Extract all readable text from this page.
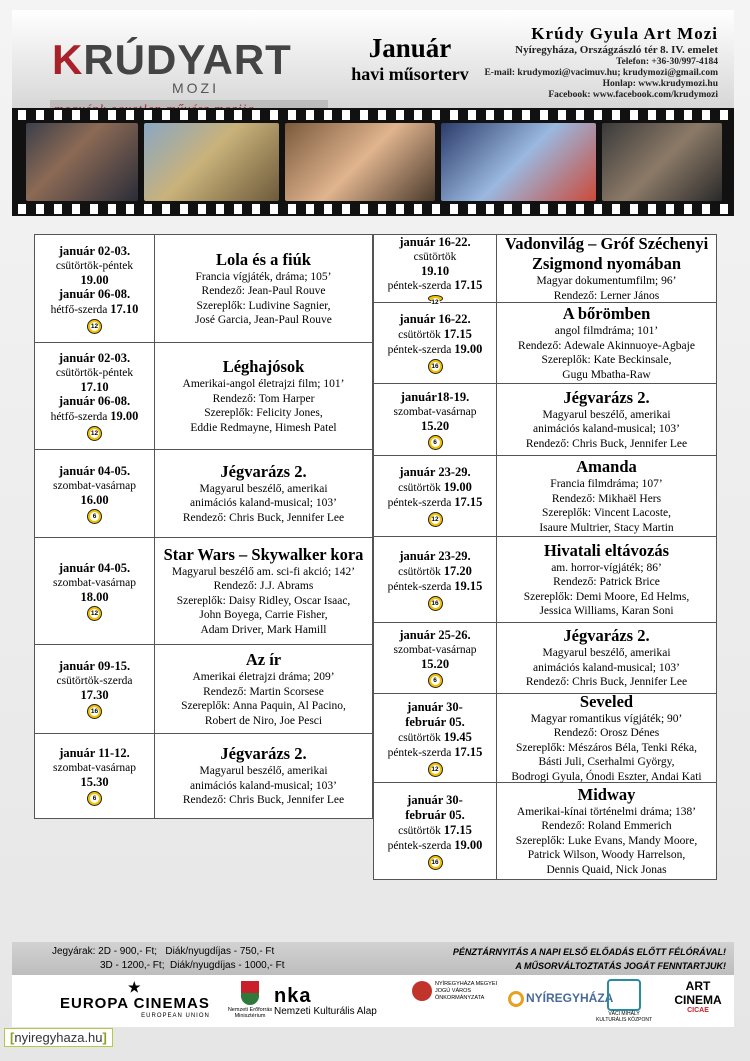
KRÚDYART
MOZI
Január
havi műsorterv
Krúdy Gyula Art Mozi
Nyíregyháza, Országzászló tér 8. IV. emelet
Telefon: +36-30/997-4184
E-mail: krudymozi@vacimuv.hu; krudymozi@gmail.com
Honlap: www.krudymozi.hu
Facebook: www.facebook.com/krudymozi
január 02-03.
csütörtök-péntek
19.00
január 06-08.
hétfő-szerda 17.10
12
Lola és a fiúk
Francia vígjáték, dráma; 105’
Rendező: Jean-Paul Rouve
Szereplők: Ludivine Sagnier,
José Garcia, Jean-Paul Rouve
január 02-03.
csütörtök-péntek
17.10
január 06-08.
hétfő-szerda 19.00
12
Léghajósok
Amerikai-angol életrajzi film; 101’
Rendező: Tom Harper
Szereplők: Felicity Jones,
Eddie Redmayne, Himesh Patel
január 04-05.
szombat-vasárnap
16.00
6
Jégvarázs 2.
Magyarul beszélő, amerikai
animációs kaland-musical; 103’
Rendező: Chris Buck, Jennifer Lee
január 04-05.
szombat-vasárnap
18.00
12
Star Wars – Skywalker kora
Magyarul beszélő am. sci-fi akció; 142’
Rendező: J.J. Abrams
Szereplők: Daisy Ridley, Oscar Isaac,
John Boyega, Carrie Fisher,
Adam Driver, Mark Hamill
január 09-15.
csütörtök-szerda
17.30
16
Az ír
Amerikai életrajzi dráma; 209’
Rendező: Martin Scorsese
Szereplők: Anna Paquin, Al Pacino,
Robert de Niro, Joe Pesci
január 11-12.
szombat-vasárnap
15.30
6
Jégvarázs 2.
Magyarul beszélő, amerikai
animációs kaland-musical; 103’
Rendező: Chris Buck, Jennifer Lee
január 16-22.
csütörtök
19.10
péntek-szerda 17.15
12
Vadonvilág – Gróf Széchenyi Zsigmond nyomában
Magyar dokumentumfilm; 96’
Rendező: Lerner János
január 16-22.
csütörtök 17.15
péntek-szerda 19.00
16
A bőrömben
angol filmdráma; 101’
Rendező: Adewale Akinnuoye-Agbaje
Szereplők: Kate Beckinsale,
Gugu Mbatha-Raw
január18-19.
szombat-vasárnap
15.20
6
Jégvarázs 2.
Magyarul beszélő, amerikai
animációs kaland-musical; 103’
Rendező: Chris Buck, Jennifer Lee
január 23-29.
csütörtök 19.00
péntek-szerda 17.15
12
Amanda
Francia filmdráma; 107’
Rendező: Mikhaël Hers
Szereplők: Vincent Lacoste,
Isaure Multrier, Stacy Martin
január 23-29.
csütörtök 17.20
péntek-szerda 19.15
16
Hivatali eltávozás
am. horror-vígjáték; 86’
Rendező: Patrick Brice
Szereplők: Demi Moore, Ed Helms,
Jessica Williams, Karan Soni
január 25-26.
szombat-vasárnap
15.20
6
Jégvarázs 2.
Magyarul beszélő, amerikai
animációs kaland-musical; 103’
Rendező: Chris Buck, Jennifer Lee
január 30-
február 05.
csütörtök 19.45
péntek-szerda 17.15
12
Seveled
Magyar romantikus vígjáték; 90’
Rendező: Orosz Dénes
Szereplők: Mészáros Béla, Tenki Réka,
Básti Juli, Cserhalmi György,
Bodrogi Gyula, Ónodi Eszter, Andai Kati
január 30-
február 05.
csütörtök 17.15
péntek-szerda 19.00
16
Midway
Amerikai-kínai történelmi dráma; 138’
Rendező: Roland Emmerich
Szereplők: Luke Evans, Mandy Moore,
Patrick Wilson, Woody Harrelson,
Dennis Quaid, Nick Jonas
Jegyárak: 2D - 900,- Ft;   Diák/nyugdíjas - 750,- Ft
3D - 1200,- Ft;  Diák/nyugdíjas - 1000,- Ft
PÉNZTÁRNYITÁS A NAPI ELSŐ ELŐADÁS ELŐTT FÉLÓRÁVAL!
A MŰSORVÁLTOZTATÁS JOGÁT FENNTARTJUK!
★
EUROPA CINEMAS
EUROPEAN UNION
Nemzeti Erőforrás Minisztérium
nka
Nemzeti Kulturális Alap
NYÍREGYHÁZA MEGYEI JOGÚ VÁROS ÖNKORMÁNYZATA	NYÍREGYHÁZA
VÁCI MIHÁLY KULTURÁLIS KÖZPONT
ART CINEMA
CICAE
[nyiregyhaza.hu]
